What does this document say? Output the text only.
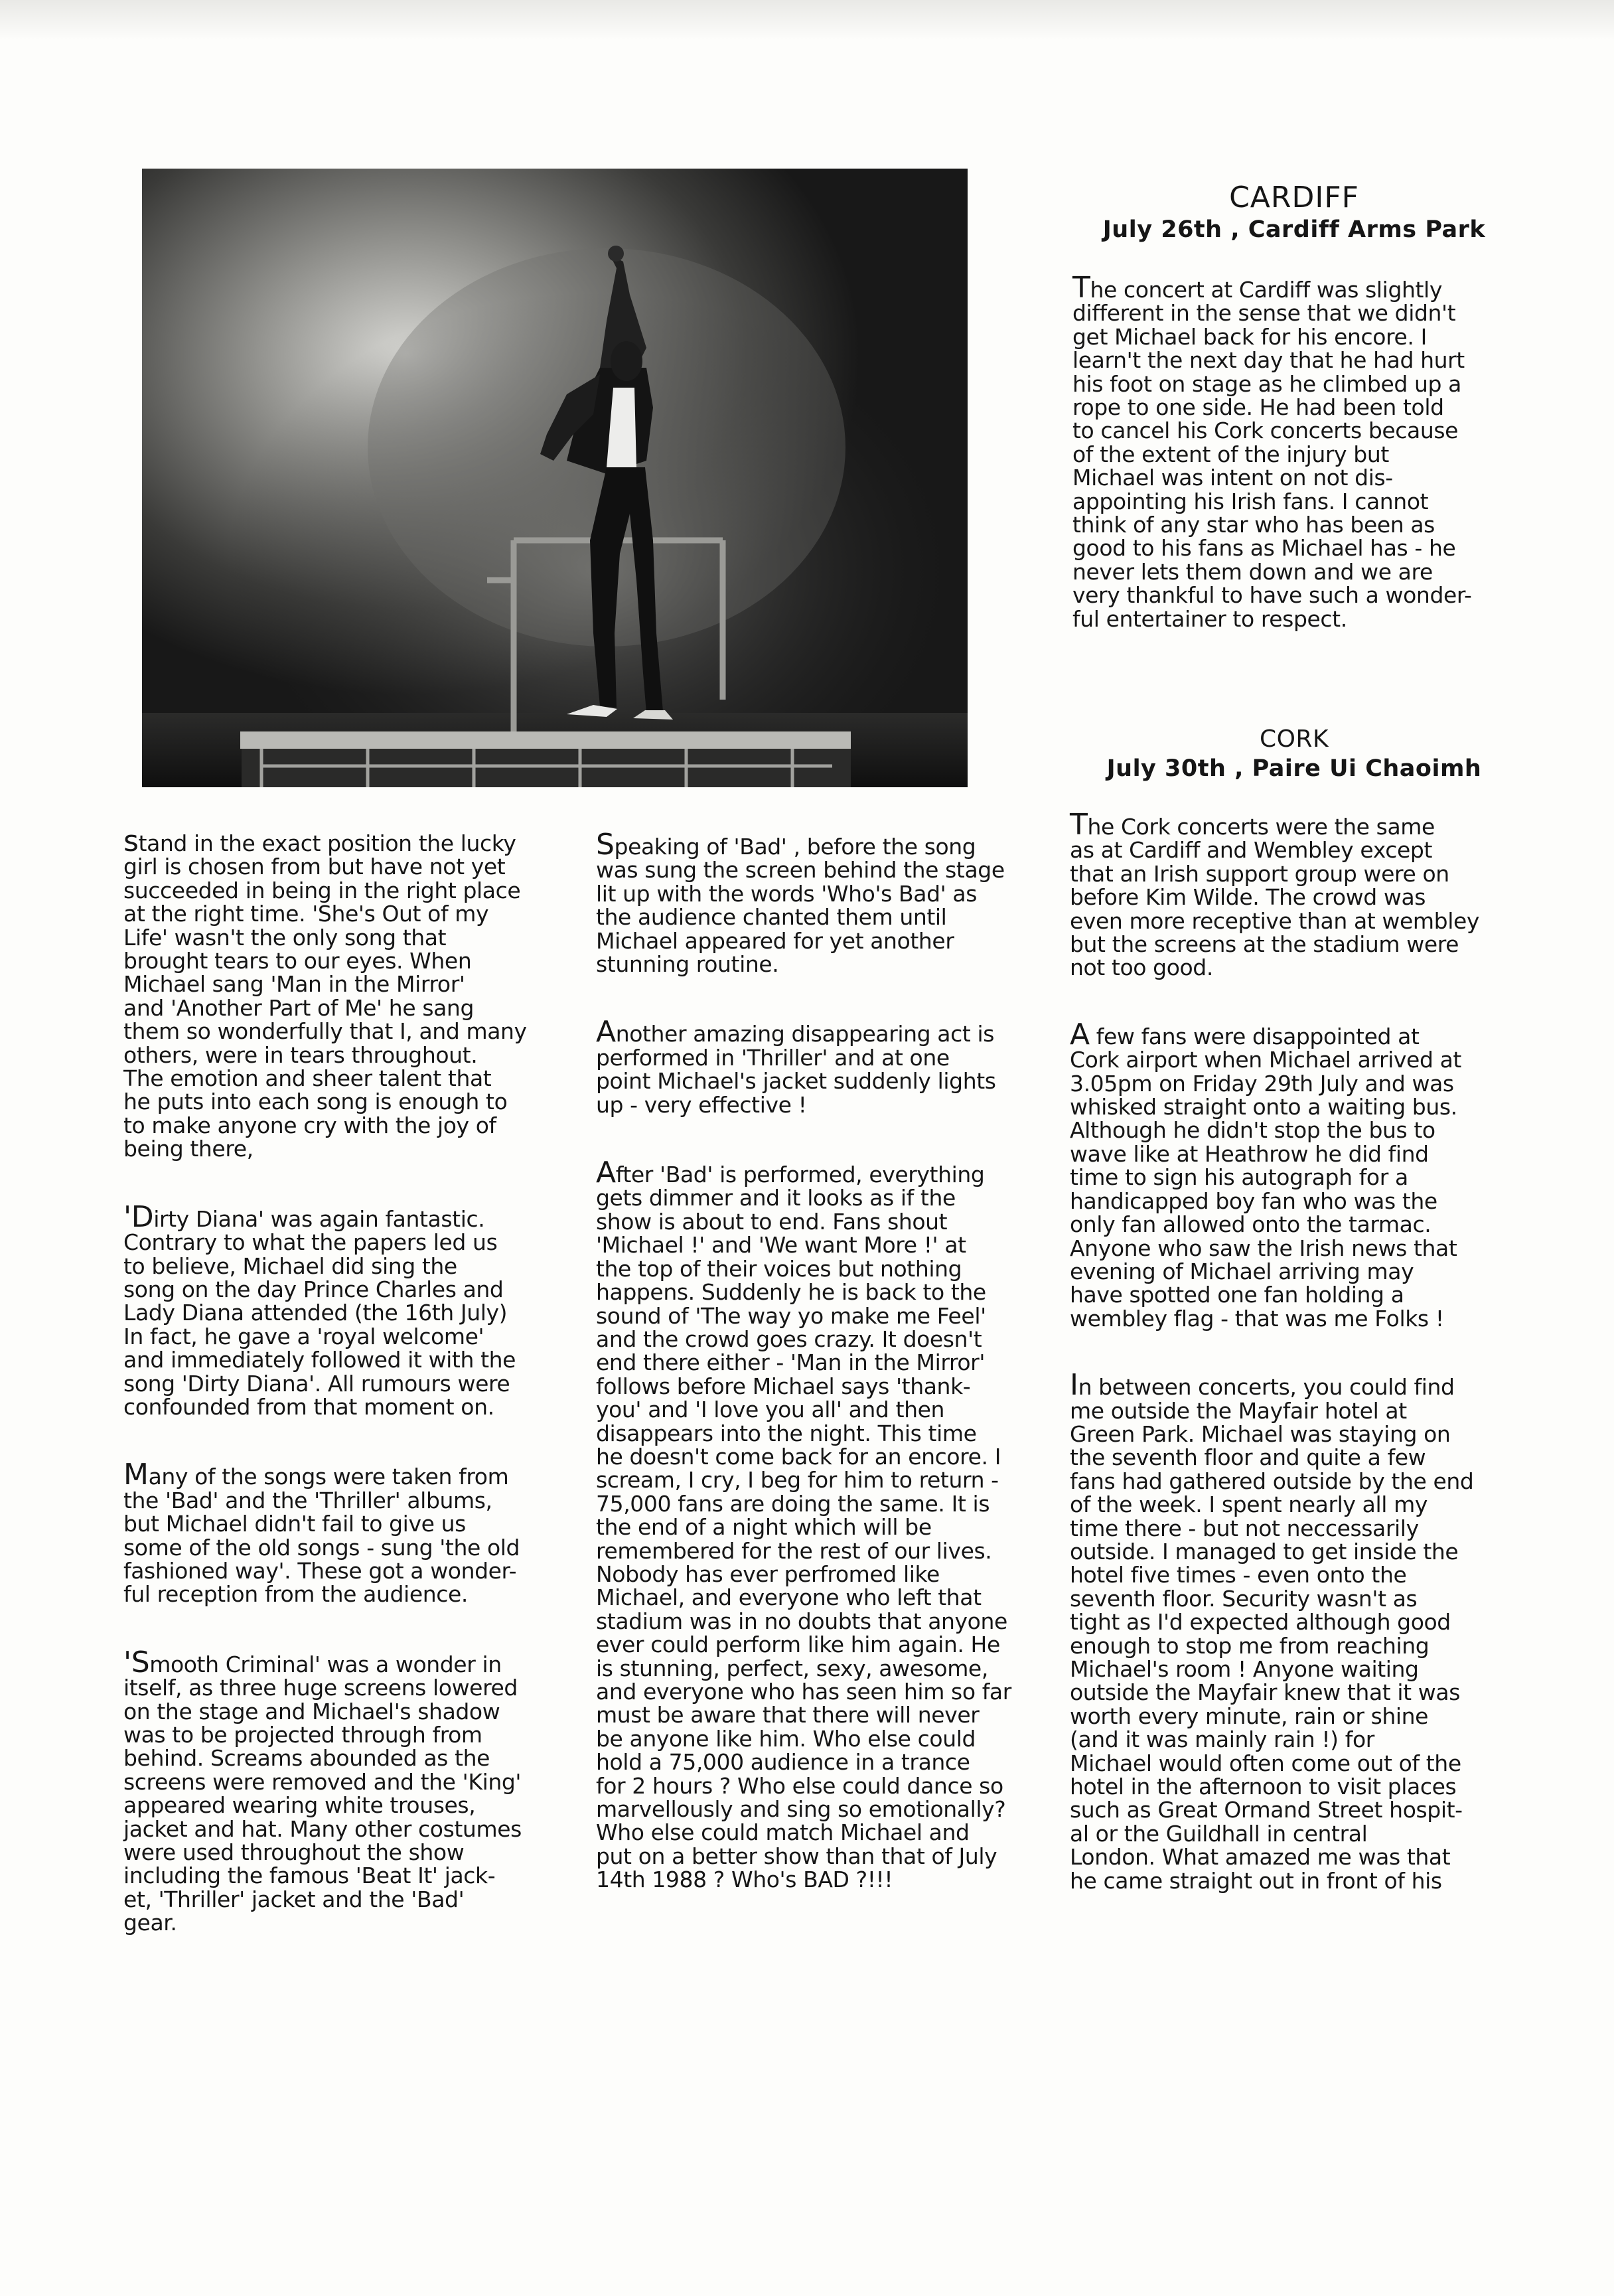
CARDIFF
July 26th , Cardiff Arms Park

The concert at Cardiff was slightly
different in the sense that we didn't
get Michael back for his encore. I
learn't the next day that he had hurt
his foot on stage as he climbed up a
rope to one side. He had been told
to cancel his Cork concerts because
of the extent of the injury but
Michael was intent on not dis-
appointing his Irish fans. I cannot
think of any star who has been as
good to his fans as Michael has - he
never lets them down and we are
very thankful to have such a wonder-
ful entertainer to respect.

CORK
July 30th , Paire Ui Chaoimh

The Cork concerts were the same
as at Cardiff and Wembley except
that an Irish support group were on
before Kim Wilde. The crowd was
even more receptive than at wembley
but the screens at the stadium were
not too good.

A few fans were disappointed at
Cork airport when Michael arrived at
3.05pm on Friday 29th July and was
whisked straight onto a waiting bus.
Although he didn't stop the bus to
wave like at Heathrow he did find
time to sign his autograph for a
handicapped boy fan who was the
only fan allowed onto the tarmac.
Anyone who saw the Irish news that
evening of Michael arriving may
have spotted one fan holding a
wembley flag - that was me Folks !

In between concerts, you could find
me outside the Mayfair hotel at
Green Park. Michael was staying on
the seventh floor and quite a few
fans had gathered outside by the end
of the week. I spent nearly all my
time there - but not neccessarily
outside. I managed to get inside the
hotel five times - even onto the
seventh floor. Security wasn't as
tight as I'd expected although good
enough to stop me from reaching
Michael's room ! Anyone waiting
outside the Mayfair knew that it was
worth every minute, rain or shine
(and it was mainly rain !) for
Michael would often come out of the
hotel in the afternoon to visit places
such as Great Ormand Street hospit-
al or the Guildhall in central
London. What amazed me was that
he came straight out in front of his

stand in the exact position the lucky
girl is chosen from but have not yet
succeeded in being in the right place
at the right time. 'She's Out of my
Life' wasn't the only song that
brought tears to our eyes. When
Michael sang 'Man in the Mirror'
and 'Another Part of Me' he sang
them so wonderfully that I, and many
others, were in tears throughout.
The emotion and sheer talent that
he puts into each song is enough to
to make anyone cry with the joy of
being there,

'Dirty Diana' was again fantastic.
Contrary to what the papers led us
to believe, Michael did sing the
song on the day Prince Charles and
Lady Diana attended (the 16th July)
In fact, he gave a 'royal welcome'
and immediately followed it with the
song 'Dirty Diana'. All rumours were
confounded from that moment on.

Many of the songs were taken from
the 'Bad' and the 'Thriller' albums,
but Michael didn't fail to give us
some of the old songs - sung 'the old
fashioned way'. These got a wonder-
ful reception from the audience.

'Smooth Criminal' was a wonder in
itself, as three huge screens lowered
on the stage and Michael's shadow
was to be projected through from
behind. Screams abounded as the
screens were removed and the 'King'
appeared wearing white trouses,
jacket and hat. Many other costumes
were used throughout the show
including the famous 'Beat It' jack-
et, 'Thriller' jacket and the 'Bad'
gear.

Speaking of 'Bad' , before the song
was sung the screen behind the stage
lit up with the words 'Who's Bad' as
the audience chanted them until
Michael appeared for yet another
stunning routine.

Another amazing disappearing act is
performed in 'Thriller' and at one
point Michael's jacket suddenly lights
up - very effective !

After 'Bad' is performed, everything
gets dimmer and it looks as if the
show is about to end. Fans shout
'Michael !' and 'We want More !' at
the top of their voices but nothing
happens. Suddenly he is back to the
sound of 'The way yo make me Feel'
and the crowd goes crazy. It doesn't
end there either - 'Man in the Mirror'
follows before Michael says 'thank-
you' and 'I love you all' and then
disappears into the night. This time
he doesn't come back for an encore. I
scream, I cry, I beg for him to return -
75,000 fans are doing the same. It is
the end of a night which will be
remembered for the rest of our lives.
Nobody has ever perfromed like
Michael, and everyone who left that
stadium was in no doubts that anyone
ever could perform like him again. He
is stunning, perfect, sexy, awesome,
and everyone who has seen him so far
must be aware that there will never
be anyone like him. Who else could
hold a 75,000 audience in a trance
for 2 hours ? Who else could dance so
marvellously and sing so emotionally?
Who else could match Michael and
put on a better show than that of July
14th 1988 ? Who's BAD ?!!!
